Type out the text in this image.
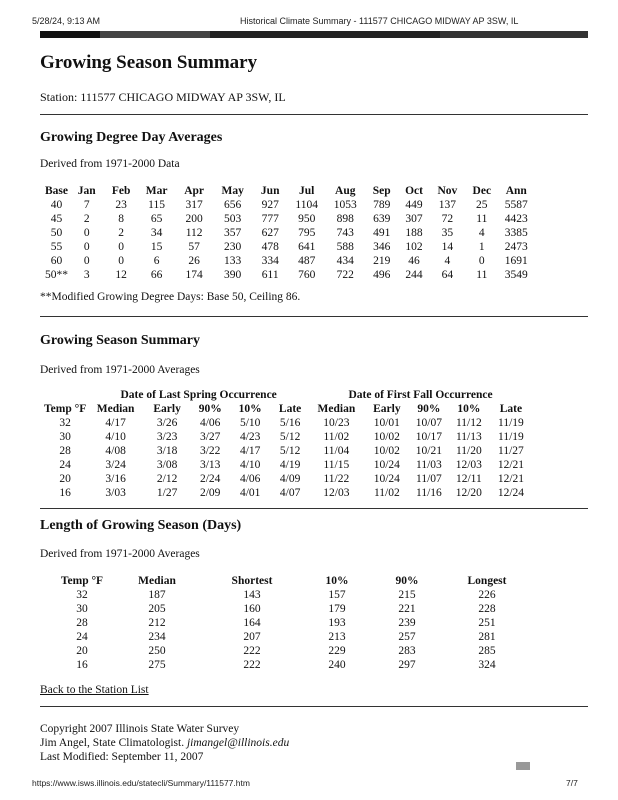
5/28/24, 9:13 AM	Historical Climate Summary - 111577 CHICAGO MIDWAY AP 3SW, IL
Growing Season Summary
Station: 111577 CHICAGO MIDWAY AP 3SW, IL
Growing Degree Day Averages
Derived from 1971-2000 Data
Base	Jan	Feb	Mar	Apr	May	Jun	Jul	Aug	Sep	Oct	Nov	Dec	Ann
40	7	23	115	317	656	927	1104	1053	789	449	137	25	5587
45	2	8	65	200	503	777	950	898	639	307	72	11	4423
50	0	2	34	112	357	627	795	743	491	188	35	4	3385
55	0	0	15	57	230	478	641	588	346	102	14	1	2473
60	0	0	6	26	133	334	487	434	219	46	4	0	1691
50**	3	12	66	174	390	611	760	722	496	244	64	11	3549
**Modified Growing Degree Days: Base 50, Ceiling 86.
Growing Season Summary
Derived from 1971-2000 Averages
	Date of Last Spring Occurrence					Date of First Fall Occurrence				
Temp °F	Median	Early	90%	10%	Late	Median	Early	90%	10%	Late
32	4/17	3/26	4/06	5/10	5/16	10/23	10/01	10/07	11/12	11/19
30	4/10	3/23	3/27	4/23	5/12	11/02	10/02	10/17	11/13	11/19
28	4/08	3/18	3/22	4/17	5/12	11/04	10/02	10/21	11/20	11/27
24	3/24	3/08	3/13	4/10	4/19	11/15	10/24	11/03	12/03	12/21
20	3/16	2/12	2/24	4/06	4/09	11/22	10/24	11/07	12/11	12/21
16	3/03	1/27	2/09	4/01	4/07	12/03	11/02	11/16	12/20	12/24
Length of Growing Season (Days)
Derived from 1971-2000 Averages
Temp °F	Median	Shortest	10%	90%	Longest
32	187	143	157	215	226
30	205	160	179	221	228
28	212	164	193	239	251
24	234	207	213	257	281
20	250	222	229	283	285
16	275	222	240	297	324
Back to the Station List
Copyright 2007 Illinois State Water Survey
Jim Angel, State Climatologist. jimangel@illinois.edu
Last Modified: September 11, 2007
https://www.isws.illinois.edu/statecli/Summary/111577.htm	7/7
